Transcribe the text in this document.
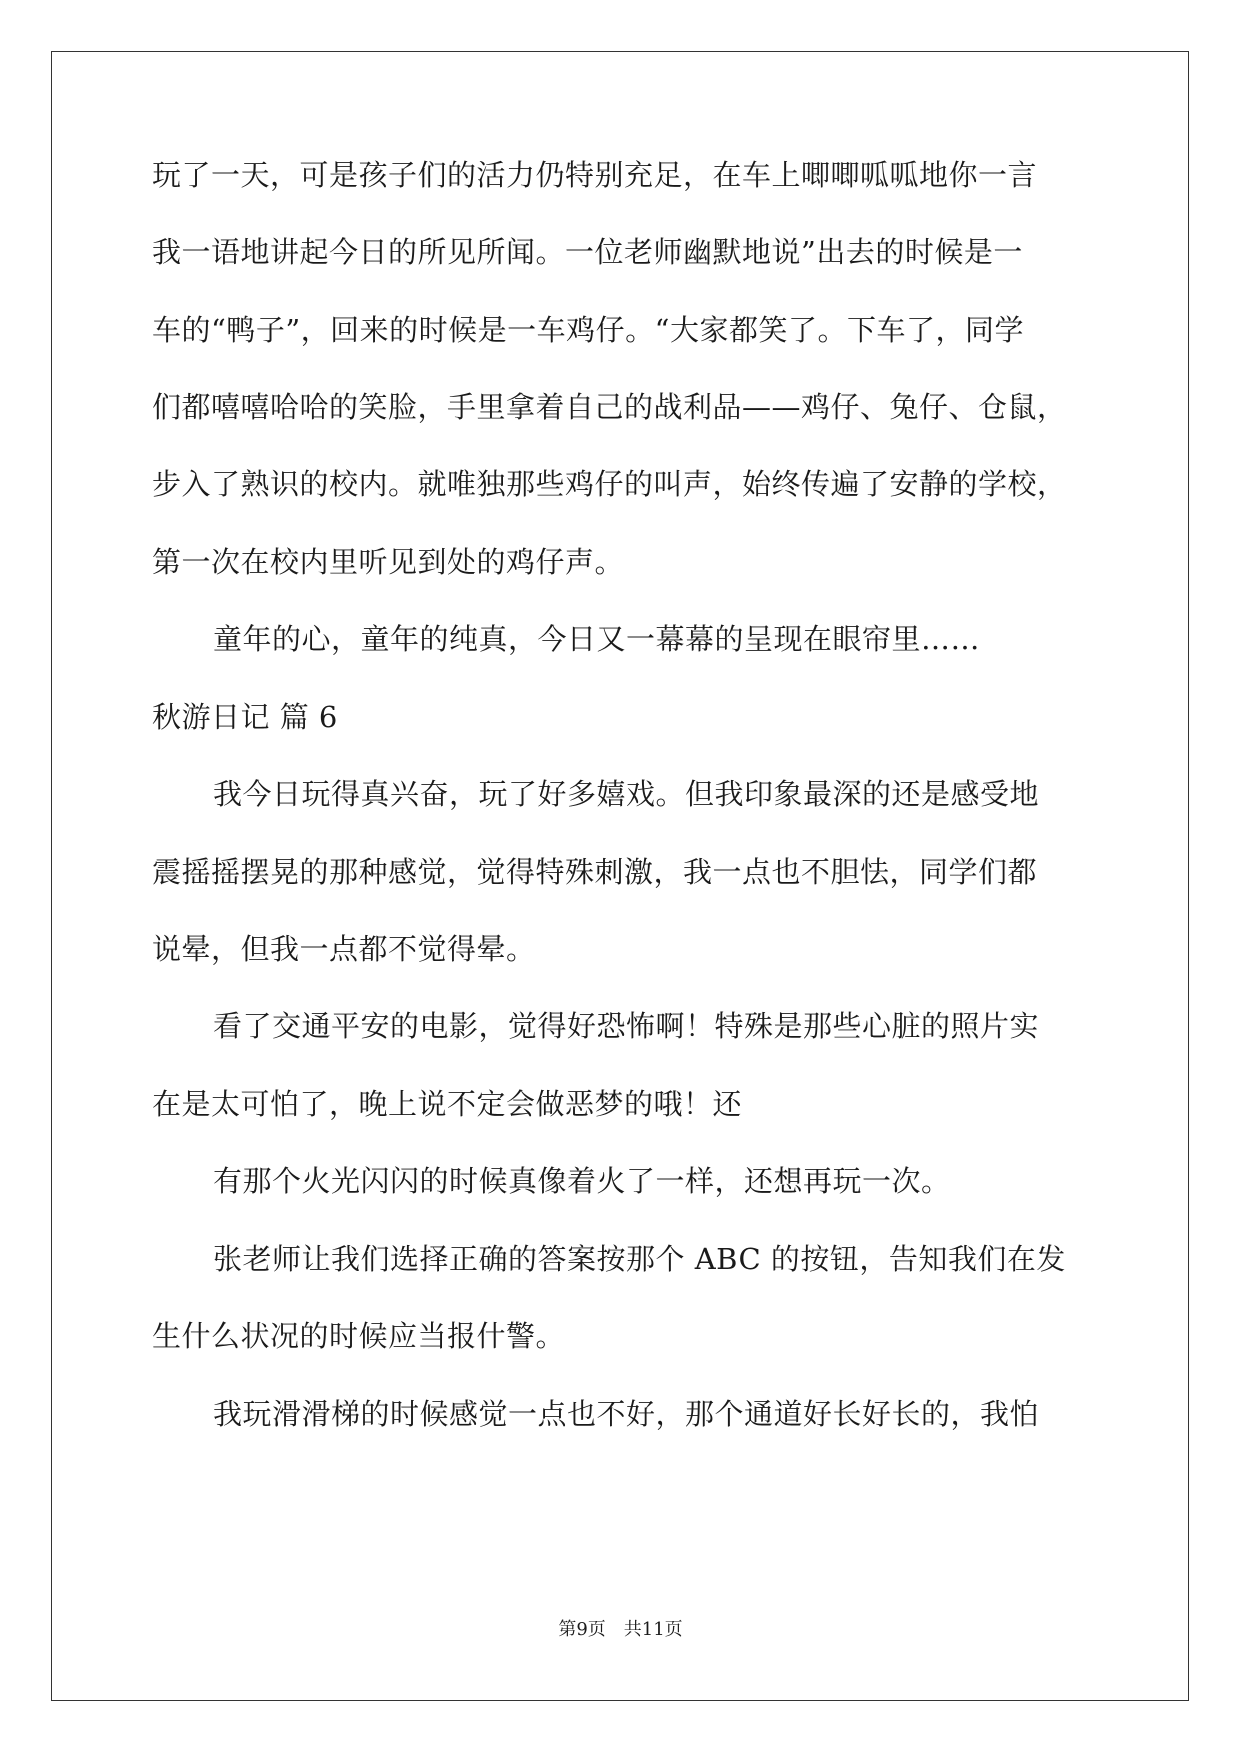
玩了一天，可是孩子们的活力仍特别充足，在车上唧唧呱呱地你一言
我一语地讲起今日的所见所闻。一位老师幽默地说”出去的时候是一
车的“鸭子”，回来的时候是一车鸡仔。“大家都笑了。下车了，同学
们都嘻嘻哈哈的笑脸，手里拿着自己的战利品——鸡仔、兔仔、仓鼠，
步入了熟识的校内。就唯独那些鸡仔的叫声，始终传遍了安静的学校，
第一次在校内里听见到处的鸡仔声。
童年的心，童年的纯真，今日又一幕幕的呈现在眼帘里……
秋游日记 篇 6
我今日玩得真兴奋，玩了好多嬉戏。但我印象最深的还是感受地
震摇摇摆晃的那种感觉，觉得特殊刺激，我一点也不胆怯，同学们都
说晕，但我一点都不觉得晕。
看了交通平安的电影，觉得好恐怖啊！特殊是那些心脏的照片实
在是太可怕了，晚上说不定会做恶梦的哦！还
有那个火光闪闪的时候真像着火了一样，还想再玩一次。
张老师让我们选择正确的答案按那个 ABC 的按钮，告知我们在发
生什么状况的时候应当报什警。
我玩滑滑梯的时候感觉一点也不好，那个通道好长好长的，我怕
第9页　共11页
